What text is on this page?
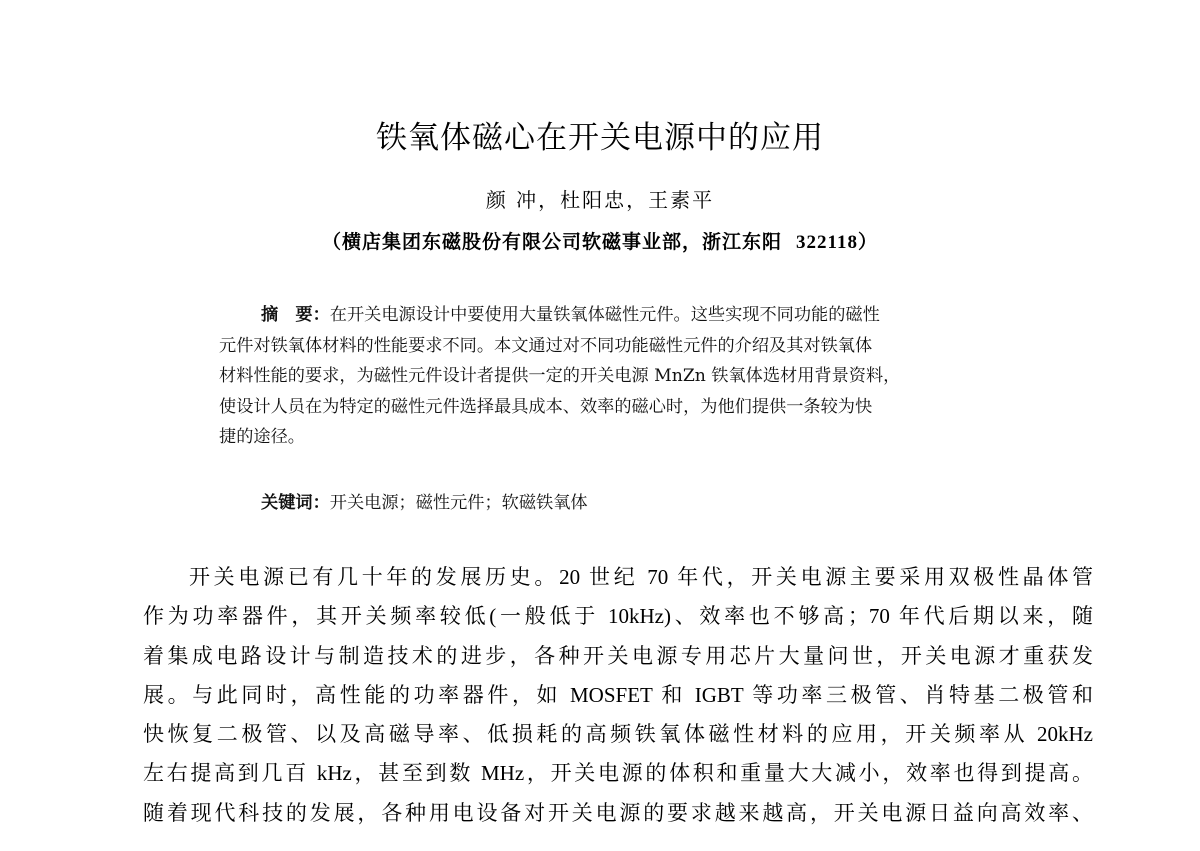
铁氧体磁心在开关电源中的应用
颜 冲，杜阳忠，王素平
（横店集团东磁股份有限公司软磁事业部，浙江东阳 322118）
摘　要：在开关电源设计中要使用大量铁氧体磁性元件。这些实现不同功能的磁性
元件对铁氧体材料的性能要求不同。本文通过对不同功能磁性元件的介绍及其对铁氧体
材料性能的要求，为磁性元件设计者提供一定的开关电源 MnZn 铁氧体选材用背景资料，
使设计人员在为特定的磁性元件选择最具成本、效率的磁心时，为他们提供一条较为快
捷的途径。
关键词：开关电源；磁性元件；软磁铁氧体
开关电源已有几十年的发展历史。20 世纪 70 年代，开关电源主要采用双极性晶体管
作为功率器件，其开关频率较低(一般低于 10kHz)、效率也不够高；70 年代后期以来，随
着集成电路设计与制造技术的进步，各种开关电源专用芯片大量问世，开关电源才重获发
展。与此同时，高性能的功率器件，如 MOSFET 和 IGBT 等功率三极管、肖特基二极管和
快恢复二极管、以及高磁导率、低损耗的高频铁氧体磁性材料的应用，开关频率从 20kHz
左右提高到几百 kHz，甚至到数 MHz，开关电源的体积和重量大大减小，效率也得到提高。
随着现代科技的发展，各种用电设备对开关电源的要求越来越高，开关电源日益向高效率、
